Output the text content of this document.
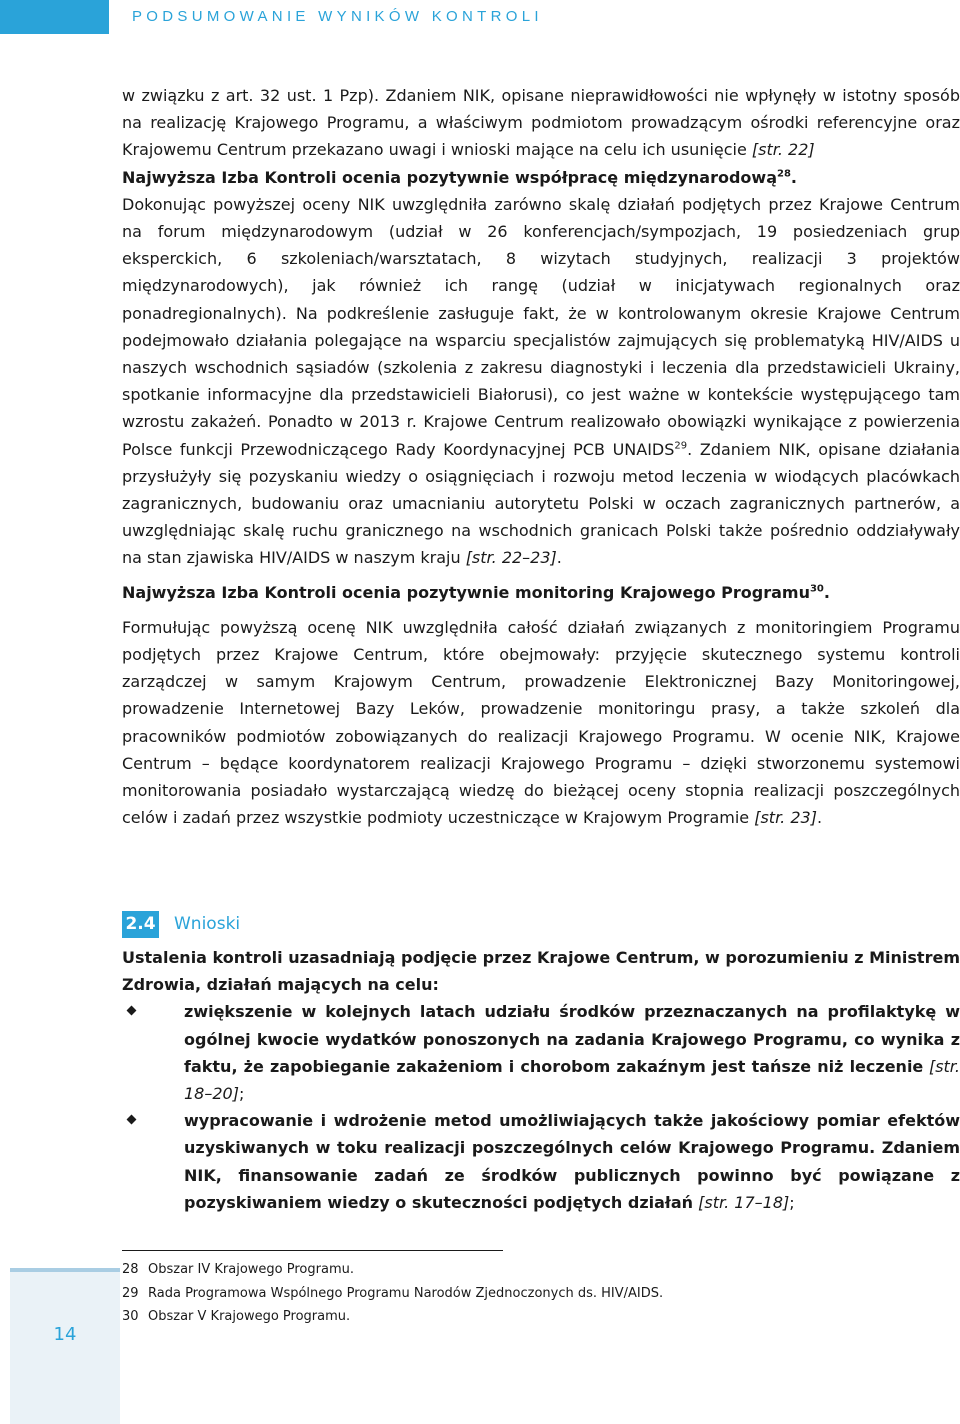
PODSUMOWANIE WYNIKÓW KONTROLI

w związku z art. 32 ust. 1 Pzp). Zdaniem NIK, opisane nieprawidłowości nie wpłynęły w istotny sposób na realizację Krajowego Programu, a właściwym podmiotom prowadzącym ośrodki referencyjne oraz Krajowemu Centrum przekazano uwagi i wnioski mające na celu ich usunięcie [str. 22]

Najwyższa Izba Kontroli ocenia pozytywnie współpracę międzynarodową$^{28}$.

Dokonując powyższej oceny NIK uwzględniła zarówno skalę działań podjętych przez Krajowe Centrum na forum międzynarodowym (udział w 26 konferencjach/sympozjach, 19 posiedzeniach grup eksperckich, 6 szkoleniach/warsztatach, 8 wizytach studyjnych, realizacji 3 projektów międzynarodowych), jak również ich rangę (udział w inicjatywach regionalnych oraz ponadregionalnych). Na podkreślenie zasługuje fakt, że w kontrolowanym okresie Krajowe Centrum podejmowało działania polegające na wsparciu specjalistów zajmujących się problematyką HIV/AIDS u naszych wschodnich sąsiadów (szkolenia z zakresu diagnostyki i leczenia dla przedstawicieli Ukrainy, spotkanie informacyjne dla przedstawicieli Białorusi), co jest ważne w kontekście występującego tam wzrostu zakażeń. Ponadto w 2013 r. Krajowe Centrum realizowało obowiązki wynikające z powierzenia Polsce funkcji Przewodniczącego Rady Koordynacyjnej PCB UNAIDS$^{29}$. Zdaniem NIK, opisane działania przysłużyły się pozyskaniu wiedzy o osiągnięciach i rozwoju metod leczenia w wiodących placówkach zagranicznych, budowaniu oraz umacnianiu autorytetu Polski w oczach zagranicznych partnerów, a uwzględniając skalę ruchu granicznego na wschodnich granicach Polski także pośrednio oddziaływały na stan zjawiska HIV/AIDS w naszym kraju [str. 22–23].

Najwyższa Izba Kontroli ocenia pozytywnie monitoring Krajowego Programu$^{30}$.

Formułując powyższą ocenę NIK uwzględniła całość działań związanych z monitoringiem Programu podjętych przez Krajowe Centrum, które obejmowały: przyjęcie skutecznego systemu kontroli zarządczej w samym Krajowym Centrum, prowadzenie Elektronicznej Bazy Monitoringowej, prowadzenie Internetowej Bazy Leków, prowadzenie monitoringu prasy, a także szkoleń dla pracowników podmiotów zobowiązanych do realizacji Krajowego Programu. W ocenie NIK, Krajowe Centrum – będące koordynatorem realizacji Krajowego Programu – dzięki stworzonemu systemowi monitorowania posiadało wystarczającą wiedzę do bieżącej oceny stopnia realizacji poszczególnych celów i zadań przez wszystkie podmioty uczestniczące w Krajowym Programie [str. 23].

2.4 Wnioski

Ustalenia kontroli uzasadniają podjęcie przez Krajowe Centrum, w porozumieniu z Ministrem Zdrowia, działań mających na celu:

zwiększenie w kolejnych latach udziału środków przeznaczanych na profilaktykę w ogólnej kwocie wydatków ponoszonych na zadania Krajowego Programu, co wynika z faktu, że zapobieganie zakażeniom i chorobom zakaźnym jest tańsze niż leczenie [str. 18–20];
wypracowanie i wdrożenie metod umożliwiających także jakościowy pomiar efektów uzyskiwanych w toku realizacji poszczególnych celów Krajowego Programu. Zdaniem NIK, finansowanie zadań ze środków publicznych powinno być powiązane z pozyskiwaniem wiedzy o skuteczności podjętych działań [str. 17–18];
28 Obszar IV Krajowego Programu.
29 Rada Programowa Wspólnego Programu Narodów Zjednoczonych ds. HIV/AIDS.
30 Obszar V Krajowego Programu.
14
